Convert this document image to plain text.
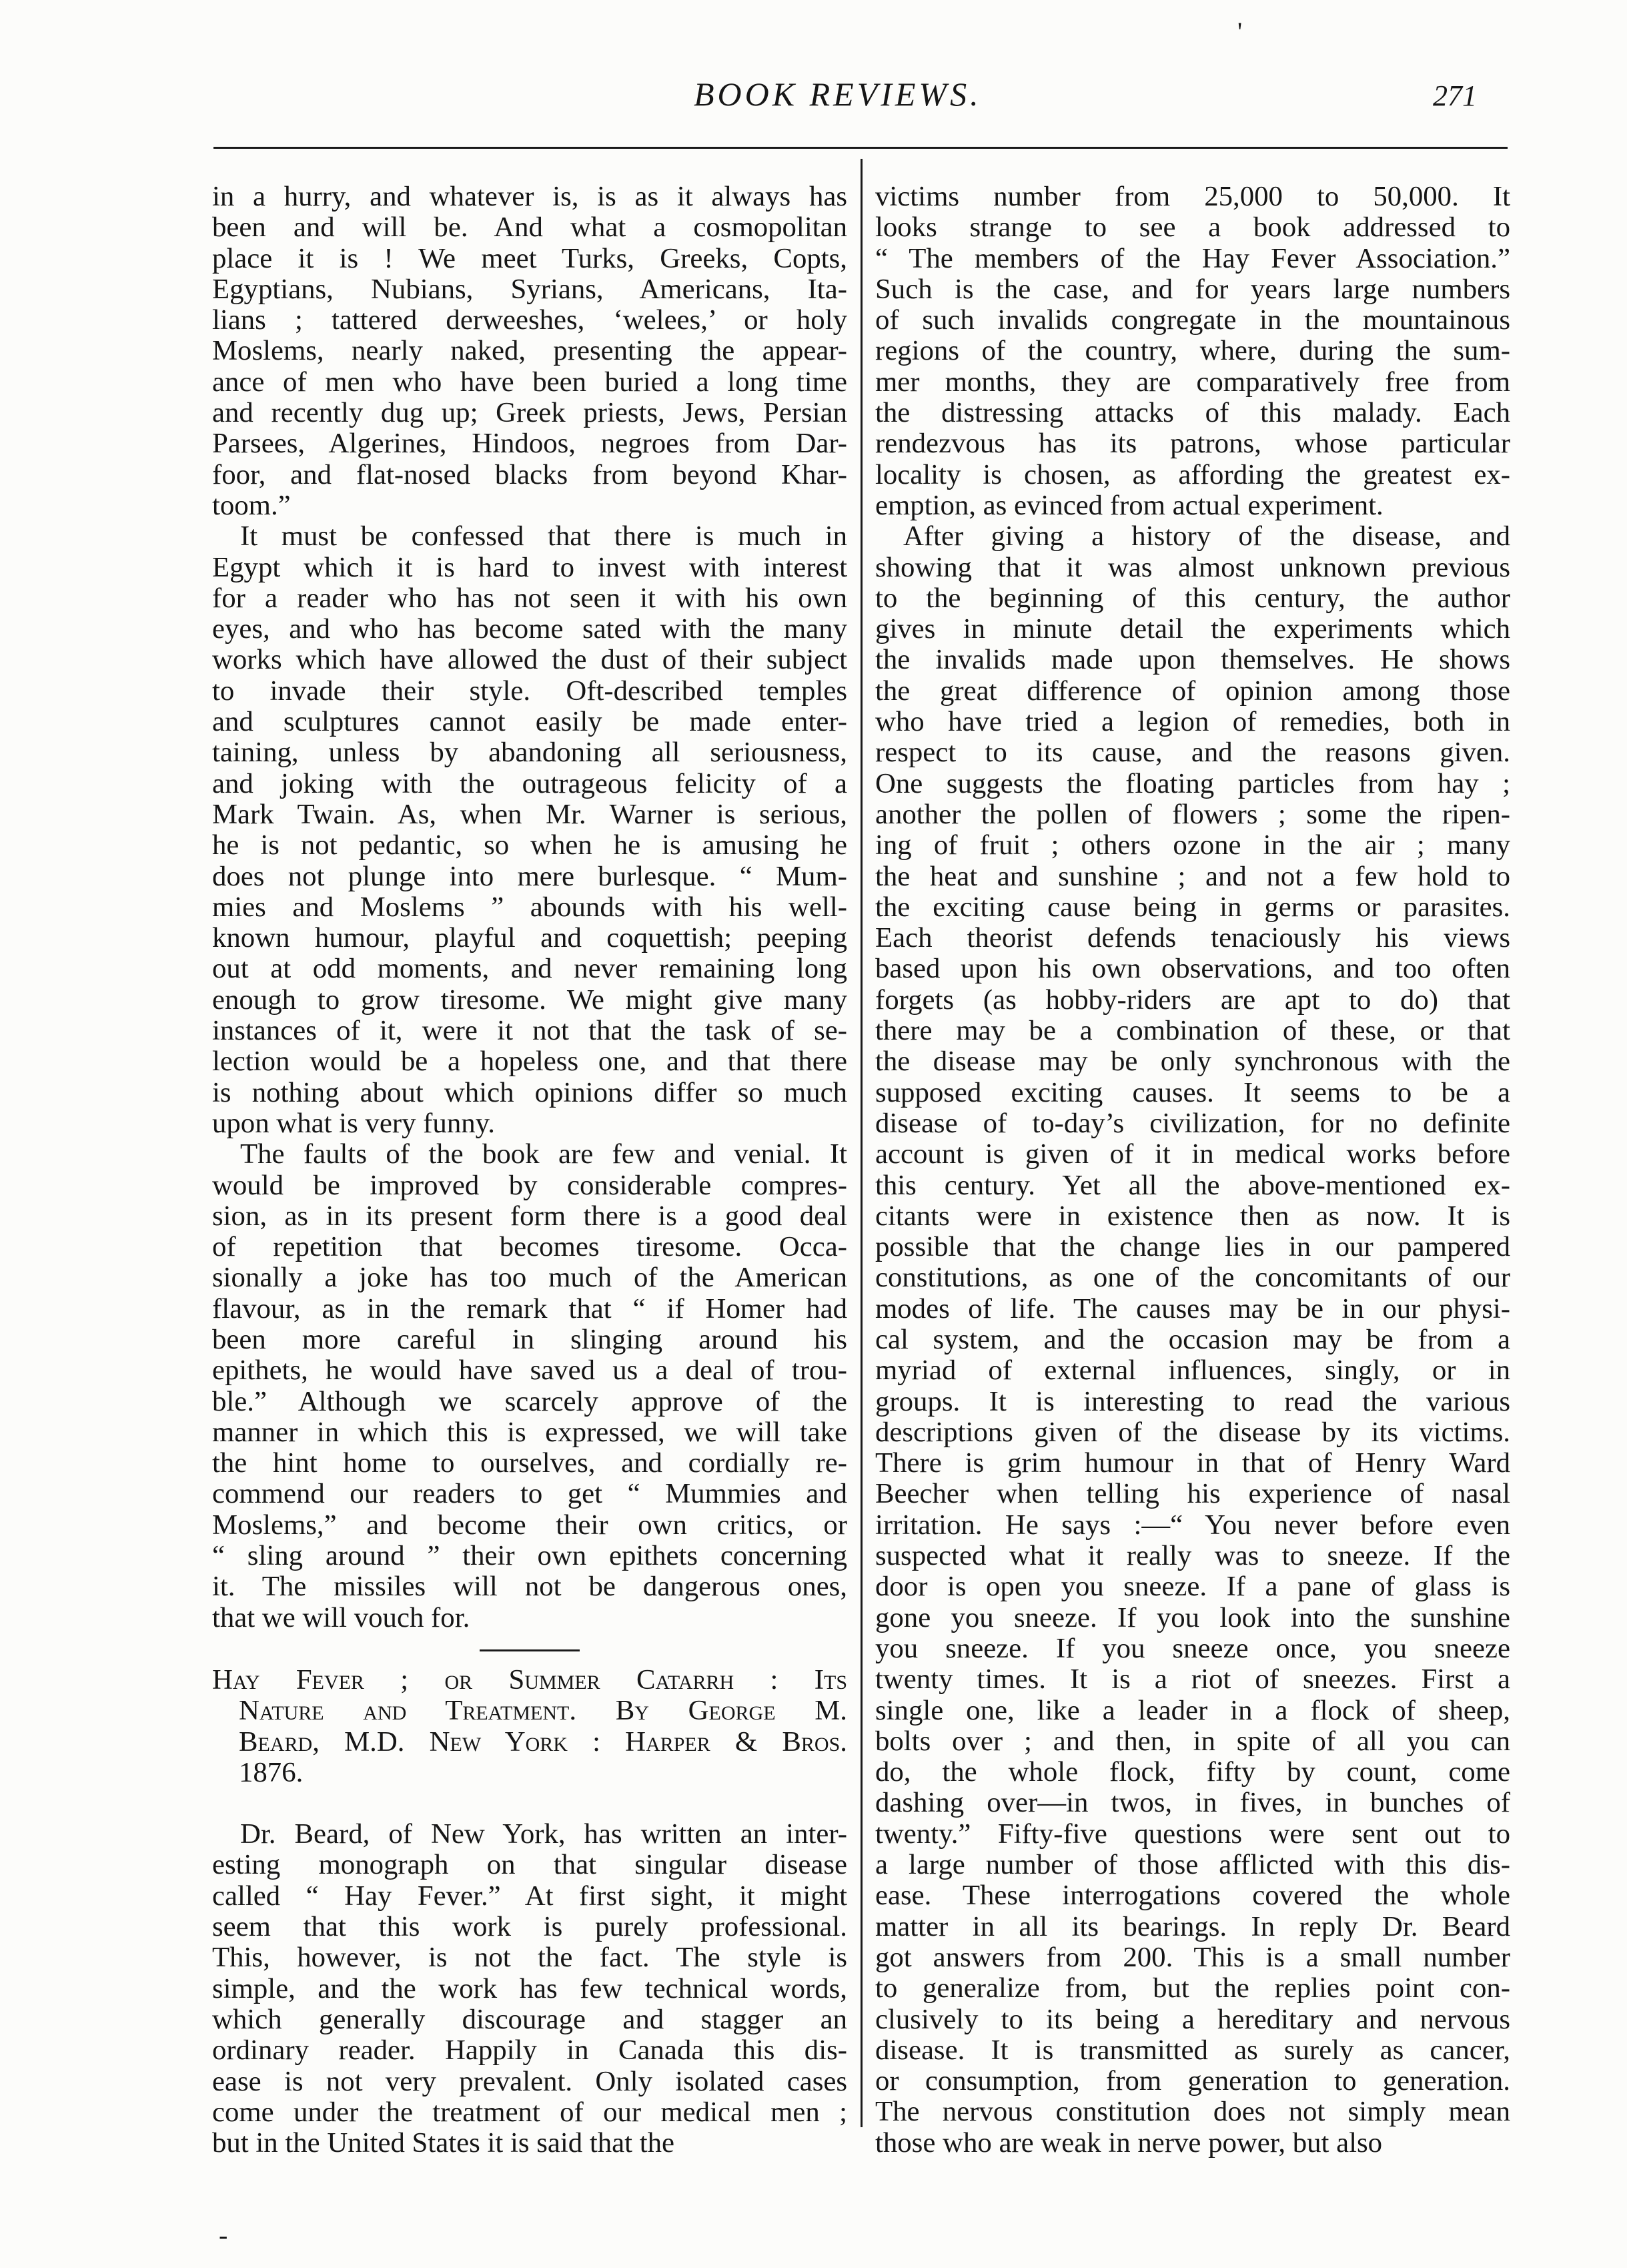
'
BOOK REVIEWS.	271
in a hurry, and whatever is, is as it always has
been and will be. And what a cosmopolitan
place it is ! We meet Turks, Greeks, Copts,
Egyptians, Nubians, Syrians, Americans, Ita-
lians ; tattered derweeshes, ‘welees,’ or holy
Moslems, nearly naked, presenting the appear-
ance of men who have been buried a long time
and recently dug up; Greek priests, Jews, Persian
Parsees, Algerines, Hindoos, negroes from Dar-
foor, and flat-nosed blacks from beyond Khar-
toom.”
It must be confessed that there is much in
Egypt which it is hard to invest with interest
for a reader who has not seen it with his own
eyes, and who has become sated with the many
works which have allowed the dust of their subject
to invade their style. Oft-described temples
and sculptures cannot easily be made enter-
taining, unless by abandoning all seriousness,
and joking with the outrageous felicity of a
Mark Twain. As, when Mr. Warner is serious,
he is not pedantic, so when he is amusing he
does not plunge into mere burlesque. “ Mum-
mies and Moslems ” abounds with his well-
known humour, playful and coquettish; peeping
out at odd moments, and never remaining long
enough to grow tiresome. We might give many
instances of it, were it not that the task of se-
lection would be a hopeless one, and that there
is nothing about which opinions differ so much
upon what is very funny.
The faults of the book are few and venial. It
would be improved by considerable compres-
sion, as in its present form there is a good deal
of repetition that becomes tiresome. Occa-
sionally a joke has too much of the American
flavour, as in the remark that “ if Homer had
been more careful in slinging around his
epithets, he would have saved us a deal of trou-
ble.” Although we scarcely approve of the
manner in which this is expressed, we will take
the hint home to ourselves, and cordially re-
commend our readers to get “ Mummies and
Moslems,” and become their own critics, or
“ sling around ” their own epithets concerning
it. The missiles will not be dangerous ones,
that we will vouch for.
Hay Fever ; or Summer Catarrh : Its
Nature and Treatment. By George M.
Beard, M.D. New York : Harper & Bros.
1876.
Dr. Beard, of New York, has written an inter-
esting monograph on that singular disease
called “ Hay Fever.” At first sight, it might
seem that this work is purely professional.
This, however, is not the fact. The style is
simple, and the work has few technical words,
which generally discourage and stagger an
ordinary reader. Happily in Canada this dis-
ease is not very prevalent. Only isolated cases
come under the treatment of our medical men ;
but in the United States it is said that the
victims number from 25,000 to 50,000. It
looks strange to see a book addressed to
“ The members of the Hay Fever Association.”
Such is the case, and for years large numbers
of such invalids congregate in the mountainous
regions of the country, where, during the sum-
mer months, they are comparatively free from
the distressing attacks of this malady. Each
rendezvous has its patrons, whose particular
locality is chosen, as affording the greatest ex-
emption, as evinced from actual experiment.
After giving a history of the disease, and
showing that it was almost unknown previous
to the beginning of this century, the author
gives in minute detail the experiments which
the invalids made upon themselves. He shows
the great difference of opinion among those
who have tried a legion of remedies, both in
respect to its cause, and the reasons given.
One suggests the floating particles from hay ;
another the pollen of flowers ; some the ripen-
ing of fruit ; others ozone in the air ; many
the heat and sunshine ; and not a few hold to
the exciting cause being in germs or parasites.
Each theorist defends tenaciously his views
based upon his own observations, and too often
forgets (as hobby-riders are apt to do) that
there may be a combination of these, or that
the disease may be only synchronous with the
supposed exciting causes. It seems to be a
disease of to-day’s civilization, for no definite
account is given of it in medical works before
this century. Yet all the above-mentioned ex-
citants were in existence then as now. It is
possible that the change lies in our pampered
constitutions, as one of the concomitants of our
modes of life. The causes may be in our physi-
cal system, and the occasion may be from a
myriad of external influences, singly, or in
groups. It is interesting to read the various
descriptions given of the disease by its victims.
There is grim humour in that of Henry Ward
Beecher when telling his experience of nasal
irritation. He says :—“ You never before even
suspected what it really was to sneeze. If the
door is open you sneeze. If a pane of glass is
gone you sneeze. If you look into the sunshine
you sneeze. If you sneeze once, you sneeze
twenty times. It is a riot of sneezes. First a
single one, like a leader in a flock of sheep,
bolts over ; and then, in spite of all you can
do, the whole flock, fifty by count, come
dashing over—in twos, in fives, in bunches of
twenty.” Fifty-five questions were sent out to
a large number of those afflicted with this dis-
ease. These interrogations covered the whole
matter in all its bearings. In reply Dr. Beard
got answers from 200. This is a small number
to generalize from, but the replies point con-
clusively to its being a hereditary and nervous
disease. It is transmitted as surely as cancer,
or consumption, from generation to generation.
The nervous constitution does not simply mean
those who are weak in nerve power, but also
-
